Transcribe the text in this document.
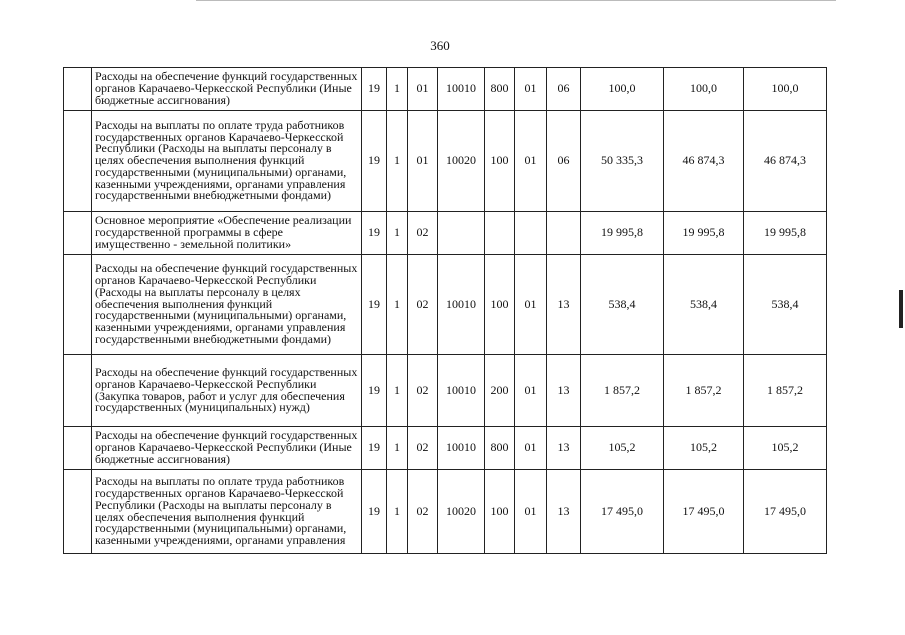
360
	Расходы на обеспечение функций государственных органов Карачаево-Черкесской Республики (Иные бюджетные ассигнования)	19	1	01	10010	800	01	06	100,0	100,0	100,0
	Расходы на выплаты по оплате труда работников государственных органов Карачаево-Черкесской Республики (Расходы на выплаты персоналу в целях обеспечения выполнения функций государственными (муниципальными) органами, казенными учреждениями, органами управления государственными внебюджетными фондами)	19	1	01	10020	100	01	06	50 335,3	46 874,3	46 874,3
	Основное мероприятие «Обеспечение реализации государственной программы в сфере имущественно - земельной политики»	19	1	02					19 995,8	19 995,8	19 995,8
	Расходы на обеспечение функций государственных органов Карачаево-Черкесской Республики (Расходы на выплаты персоналу в целях обеспечения выполнения функций государственными (муниципальными) органами, казенными учреждениями, органами управления государственными внебюджетными фондами)	19	1	02	10010	100	01	13	538,4	538,4	538,4
	Расходы на обеспечение функций государственных органов Карачаево-Черкесской Республики (Закупка товаров, работ и услуг для обеспечения государственных (муниципальных) нужд)	19	1	02	10010	200	01	13	1 857,2	1 857,2	1 857,2
	Расходы на обеспечение функций государственных органов Карачаево-Черкесской Республики (Иные бюджетные ассигнования)	19	1	02	10010	800	01	13	105,2	105,2	105,2
	Расходы на выплаты по оплате труда работников государственных органов Карачаево-Черкесской Республики (Расходы на выплаты персоналу в целях обеспечения выполнения функций государственными (муниципальными) органами, казенными учреждениями, органами управления	19	1	02	10020	100	01	13	17 495,0	17 495,0	17 495,0
